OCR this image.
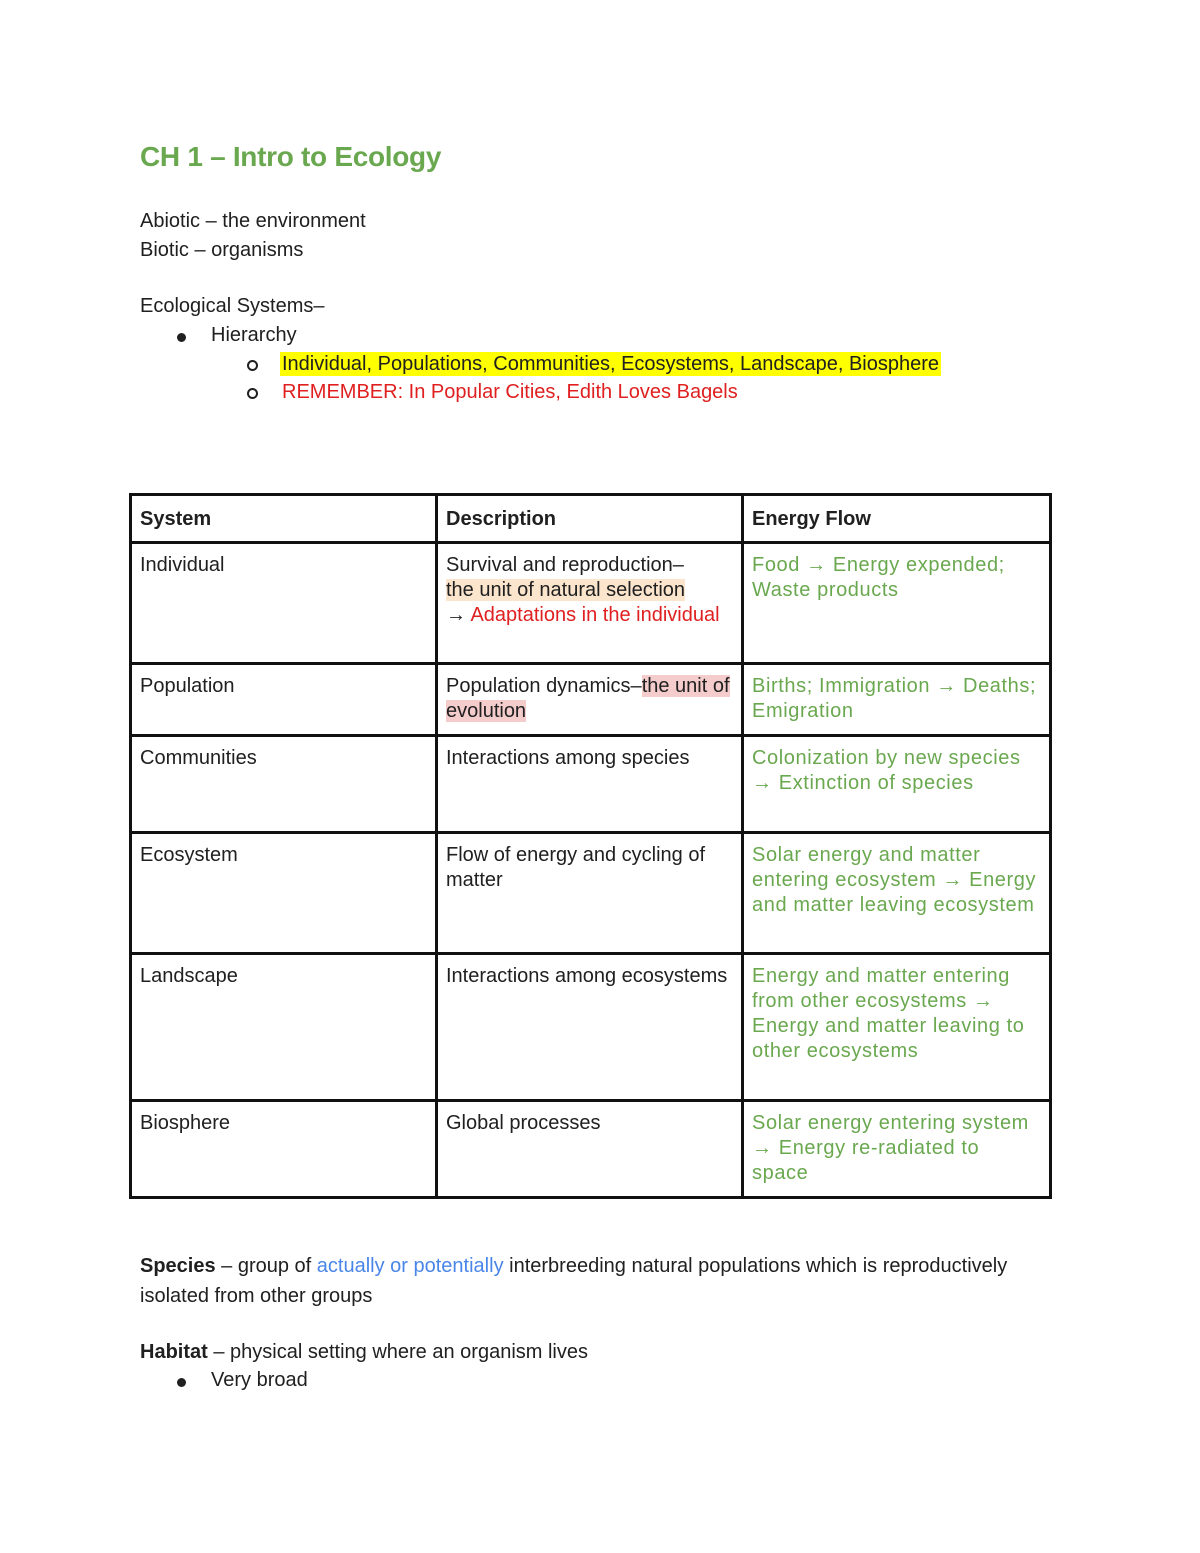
CH 1 – Intro to Ecology
Abiotic – the environment
Biotic – organisms
Ecological Systems–
Hierarchy
Individual, Populations, Communities, Ecosystems, Landscape, Biosphere
REMEMBER: In Popular Cities, Edith Loves Bagels
System	Description	Energy Flow
Individual	Survival and reproduction–
the unit of natural selection
→ Adaptations in the individual	Food → Energy expended; Waste products
Population	Population dynamics–the unit of evolution	Births; Immigration → Deaths; Emigration
Communities	Interactions among species	Colonization by new species → Extinction of species
Ecosystem	Flow of energy and cycling of matter	Solar energy and matter entering ecosystem → Energy and matter leaving ecosystem
Landscape	Interactions among ecosystems	Energy and matter entering from other ecosystems → Energy and matter leaving to other ecosystems
Biosphere	Global processes	Solar energy entering system → Energy re-radiated to space
Species – group of actually or potentially interbreeding natural populations which is reproductively isolated from other groups
Habitat – physical setting where an organism lives
Very broad
